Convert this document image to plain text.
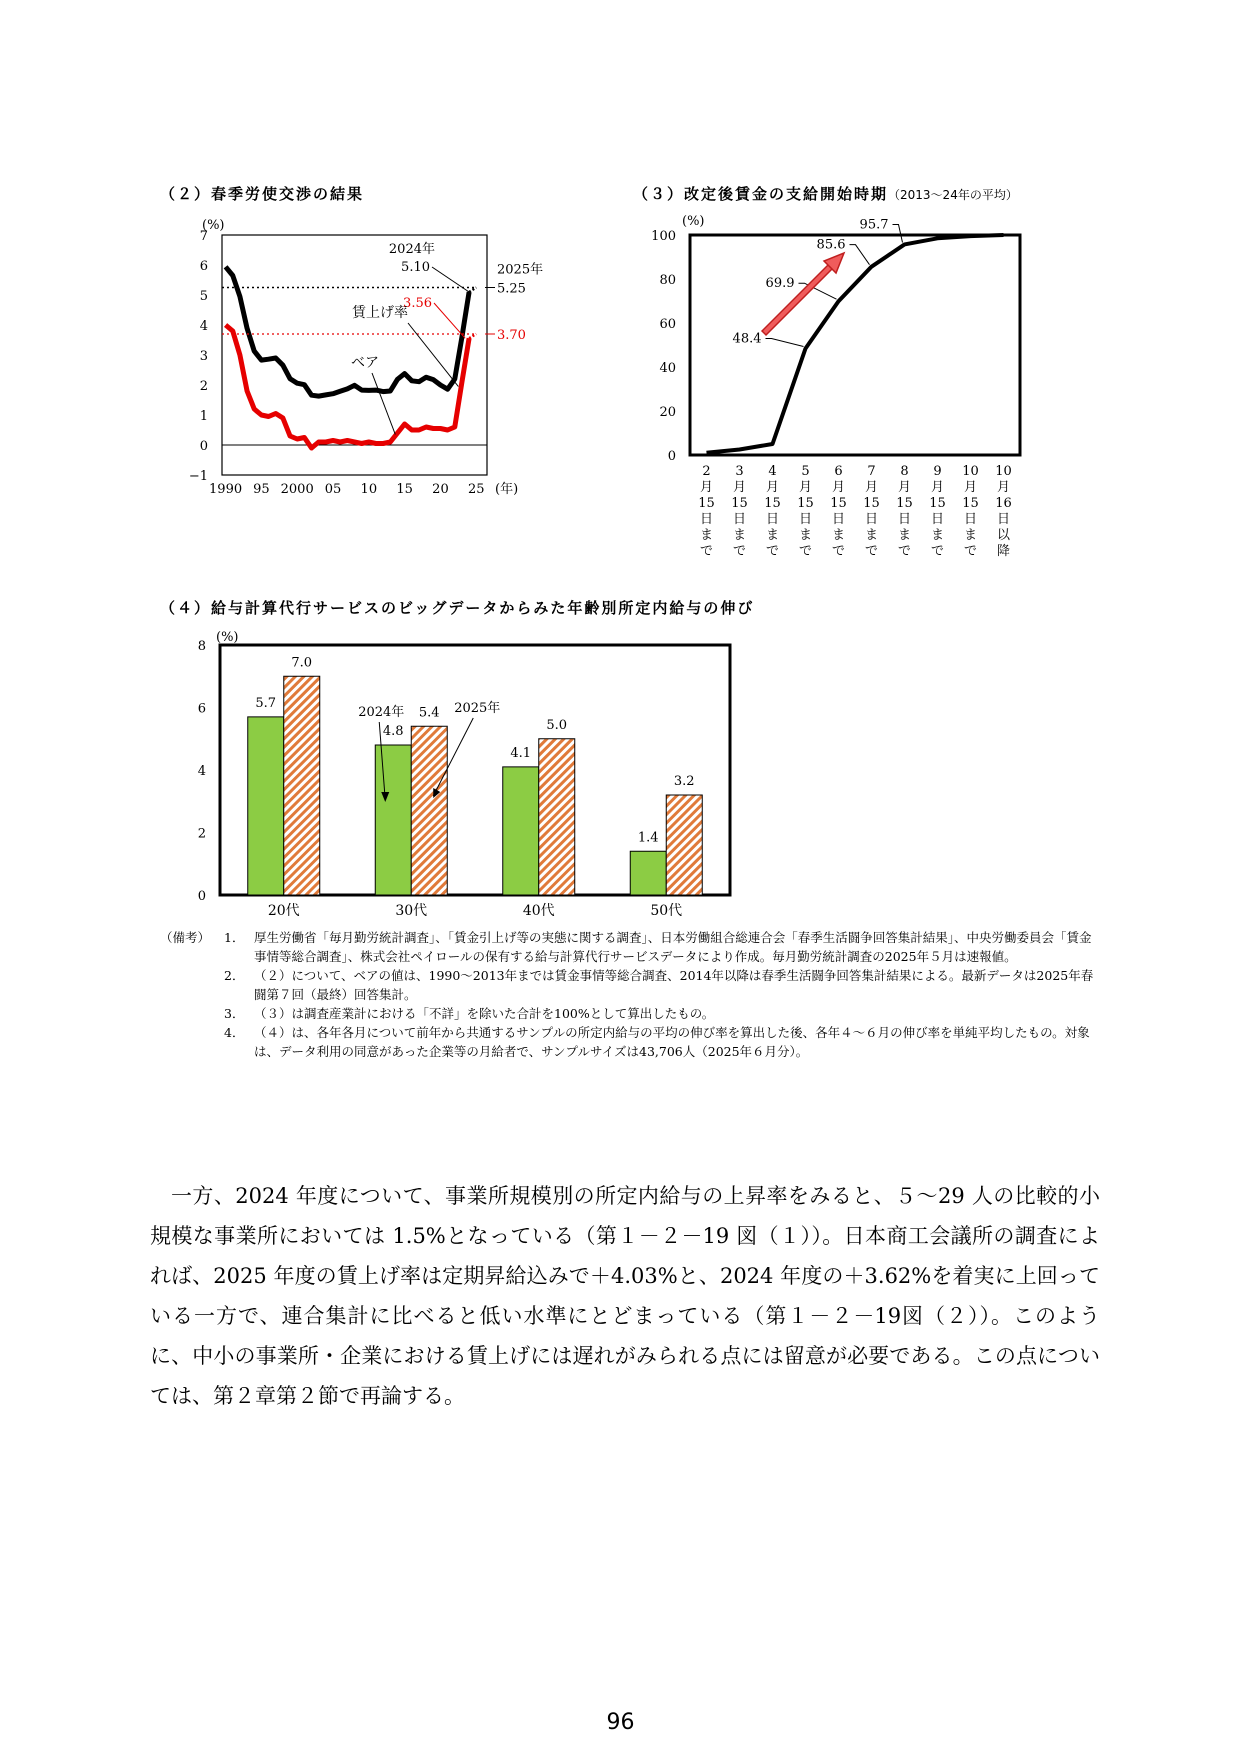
（２）春季労使交渉の結果
7
6
5
4
3
2
1
0
−1
(%)
1990 95 2000 05 10 15 20 25 (年)
2025年
5.25
3.70
2024年
5.10
3.56
賃上げ率
ベア
（３）改定後賃金の支給開始時期（2013～24年の平均）
100
80
60
40
20
0
(%)
2 月 15 日まで
3 月 15 日まで
4 月 15 日まで
5 月 15 日まで
6 月 15 日まで
7 月 15 日まで
8 月 15 日まで
9 月 15 日まで
10 月 15 日まで
10 月 16 日以降
48.4
69.9
85.6
95.7
（４）給与計算代行サービスのビッグデータからみた年齢別所定内給与の伸び
8
6
4
2
0
(%)
20代
5.7
7.0
30代
4.8
5.4
40代
4.1
5.0
50代
1.4
3.2
2024年	2025年
（備考）	1． 厚生労働省「毎月勤労統計調査」、「賃金引上げ等の実態に関する調査」、日本労働組合総連合会「春季生活闘争回答集計結果」、中央労働委員会「賃金事情等総合調査」、株式会社ペイロールの保有する給与計算代行サービスデータにより作成。毎月勤労統計調査の2025年５月は速報値。
2． （２）について、ベアの値は、1990～2013年までは賃金事情等総合調査、2014年以降は春季生活闘争回答集計結果による。最新データは2025年春闘第７回（最終）回答集計。
3． （３）は調査産業計における「不詳」を除いた合計を100%として算出したもの。
4． （４）は、各年各月について前年から共通するサンプルの所定内給与の平均の伸び率を算出した後、各年４～６月の伸び率を単純平均したもの。対象は、データ利用の同意があった企業等の月給者で、サンプルサイズは43,706人（2025年６月分）。

一方、2024 年度について、事業所規模別の所定内給与の上昇率をみると、５～29 人の比較的小規模な事業所においては 1.5%となっている（第１－２－19 図（１））。日本商工会議所の調査によれば、2025 年度の賃上げ率は定期昇給込みで＋4.03%と、2024 年度の＋3.62%を着実に上回っている一方で、連合集計に比べると低い水準にとどまっている（第１－２－19図（２））。このように、中小の事業所・企業における賃上げには遅れがみられる点には留意が必要である。この点については、第２章第２節で再論する。

96
